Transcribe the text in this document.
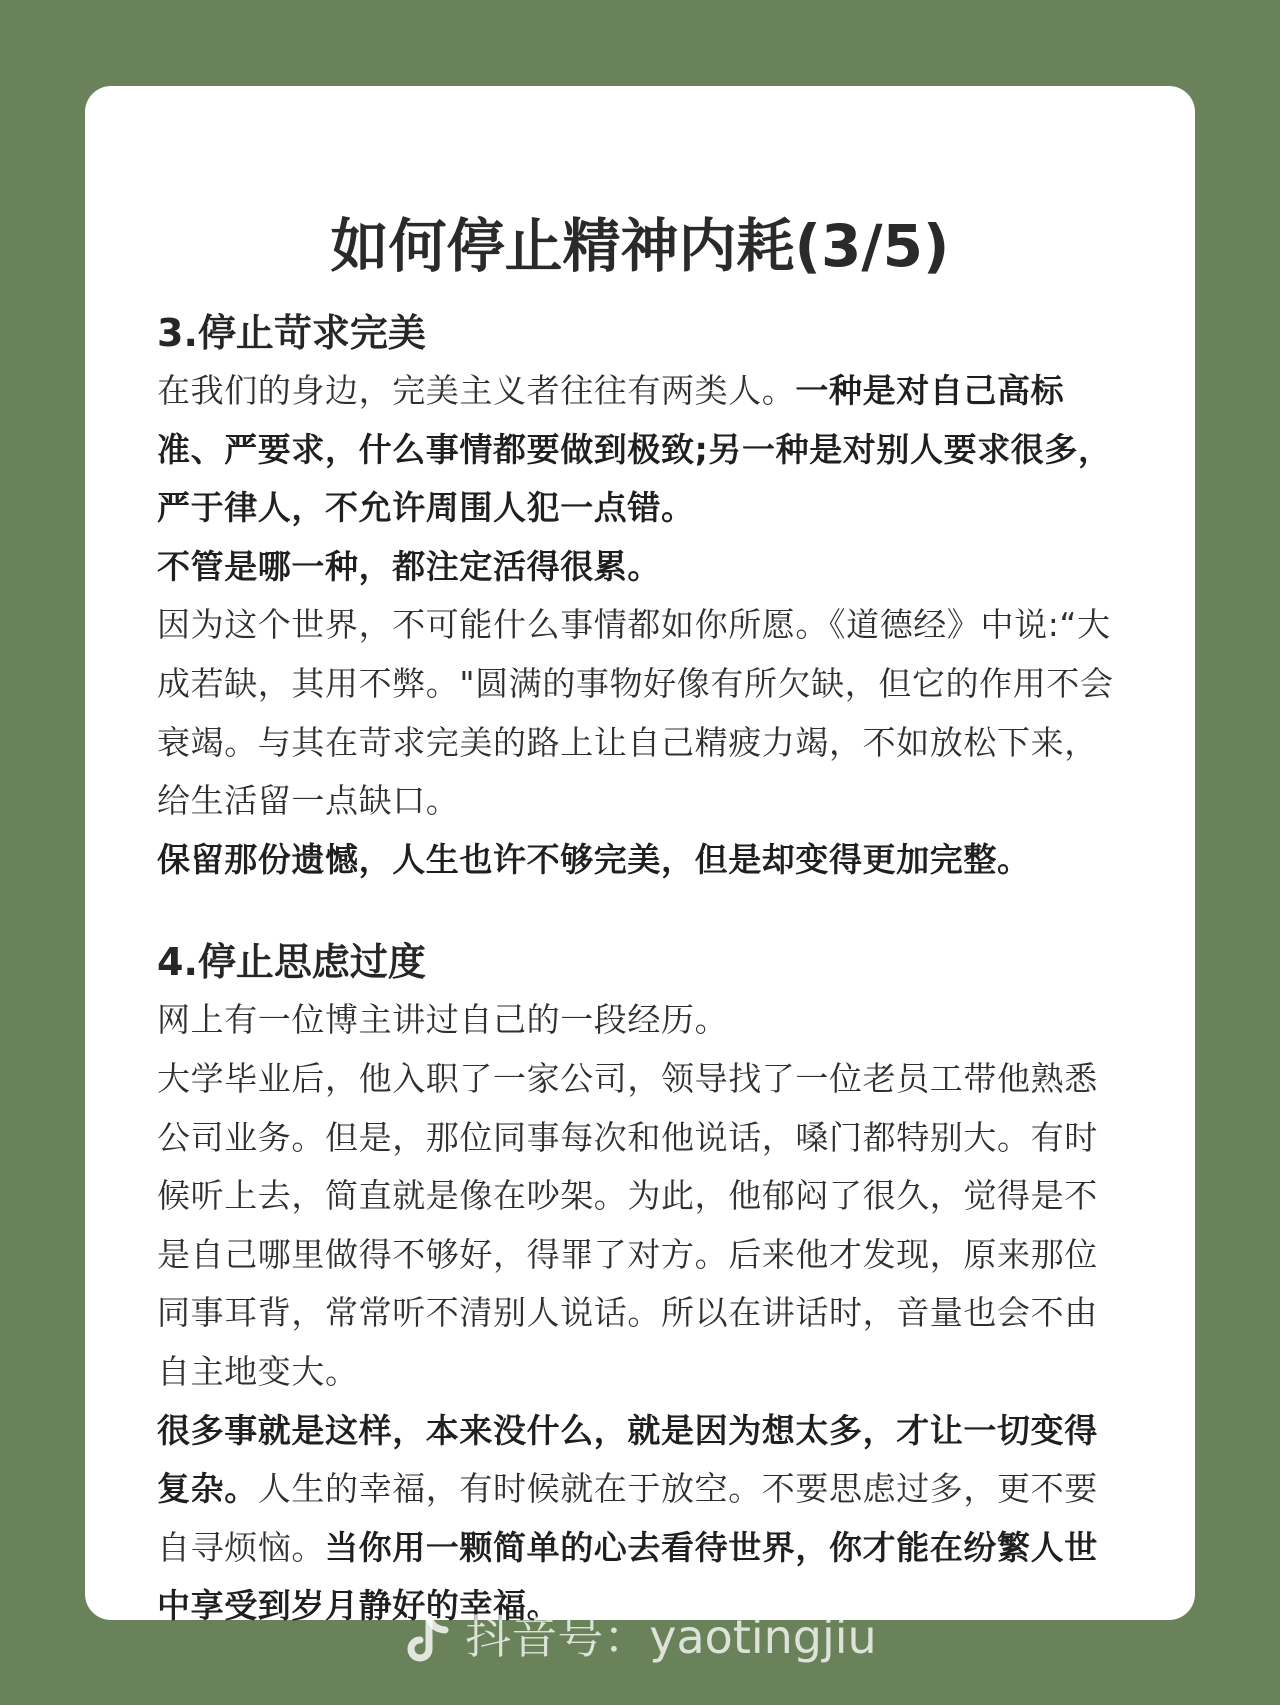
如何停止精神内耗(3/5)
3.停止苛求完美

在我们的身边，完美主义者往往有两类人。一种是对自己高标准、严要求，什么事情都要做到极致;另一种是对别人要求很多，严于律人，不允许周围人犯一点错。

不管是哪一种，都注定活得很累。

因为这个世界，不可能什么事情都如你所愿。《道德经》中说:“大成若缺，其用不弊。"圆满的事物好像有所欠缺，但它的作用不会衰竭。与其在苛求完美的路上让自己精疲力竭，不如放松下来，给生活留一点缺口。

保留那份遗憾，人生也许不够完美，但是却变得更加完整。

4.停止思虑过度

网上有一位博主讲过自己的一段经历。

大学毕业后，他入职了一家公司，领导找了一位老员工带他熟悉公司业务。但是，那位同事每次和他说话，嗓门都特别大。有时候听上去，简直就是像在吵架。为此，他郁闷了很久，觉得是不是自己哪里做得不够好，得罪了对方。后来他才发现，原来那位同事耳背，常常听不清别人说话。所以在讲话时，音量也会不由自主地变大。

很多事就是这样，本来没什么，就是因为想太多，才让一切变得复杂。人生的幸福，有时候就在于放空。不要思虑过多，更不要自寻烦恼。当你用一颗简单的心去看待世界，你才能在纷繁人世中享受到岁月静好的幸福。

抖音号：yaotingjiu
